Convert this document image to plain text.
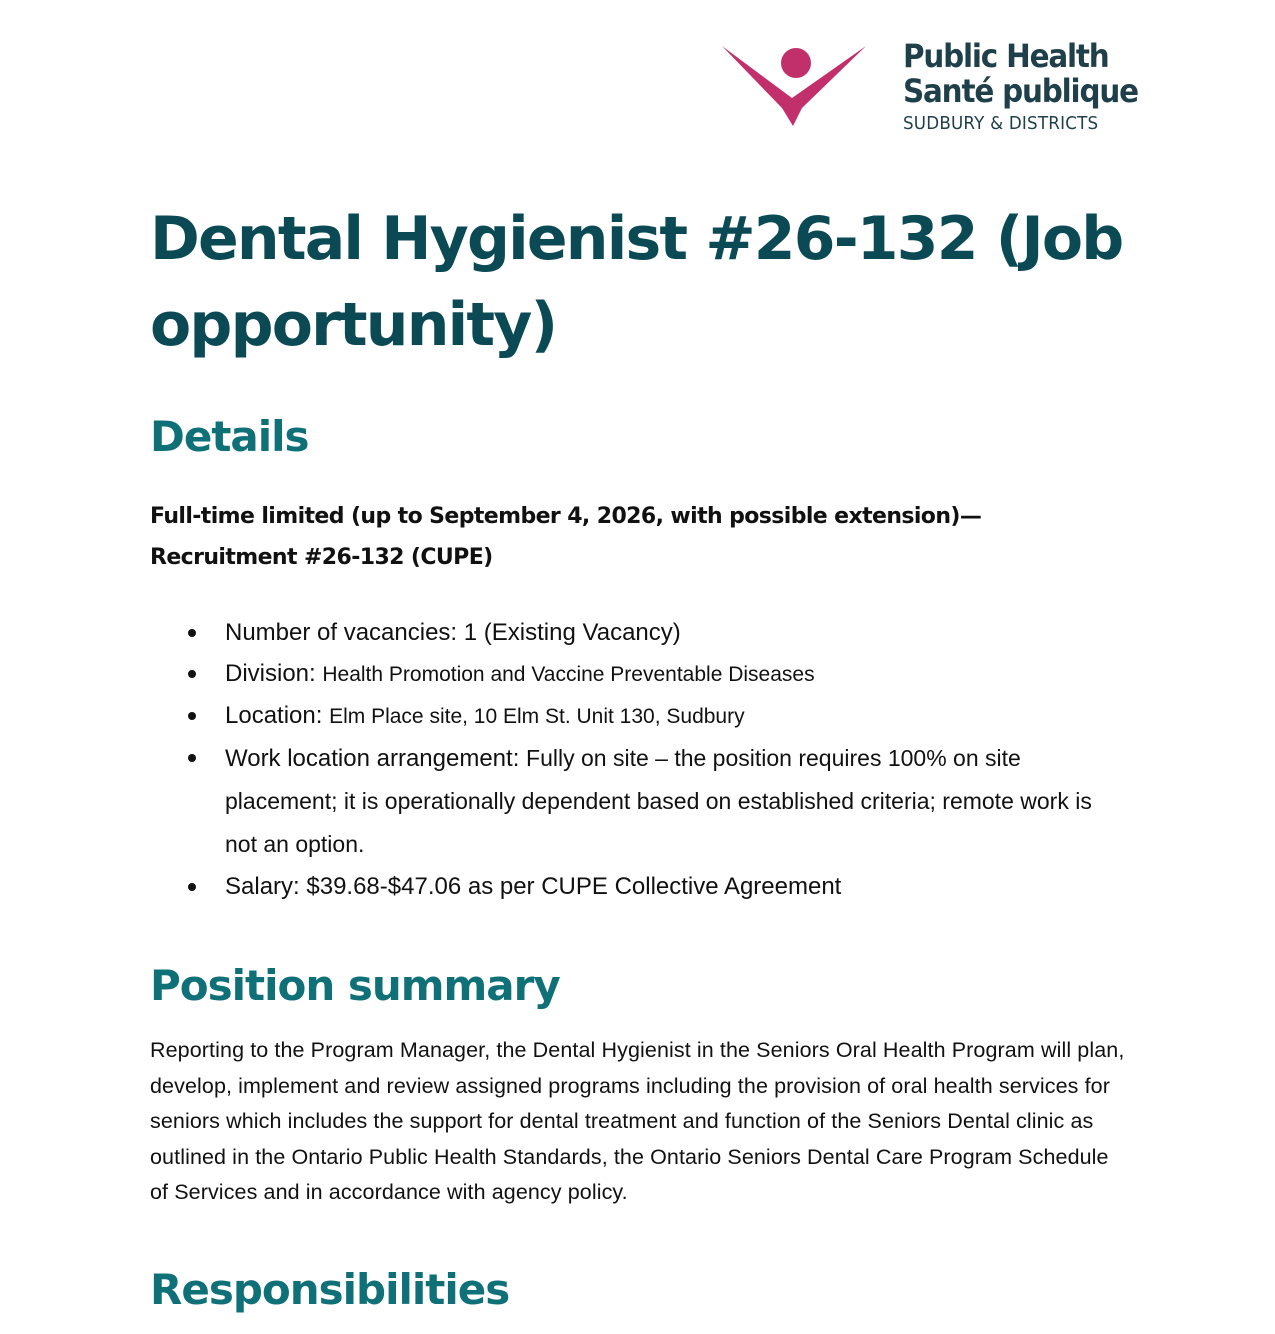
Public Health
Santé publique
SUDBURY & DISTRICTS
Dental Hygienist #26-132 (Job opportunity)
Details
Full-time limited (up to September 4, 2026, with possible extension)— Recruitment #26-132 (CUPE)
Number of vacancies: 1 (Existing Vacancy)
Division: Health Promotion and Vaccine Preventable Diseases
Location: Elm Place site, 10 Elm St. Unit 130, Sudbury
Work location arrangement: Fully on site – the position requires 100% on site placement; it is operationally dependent based on established criteria; remote work is not an option.
Salary: $39.68-$47.06 as per CUPE Collective Agreement
Position summary

Reporting to the Program Manager, the Dental Hygienist in the Seniors Oral Health Program will plan, develop, implement and review assigned programs including the provision of oral health services for seniors which includes the support for dental treatment and function of the Seniors Dental clinic as outlined in the Ontario Public Health Standards, the Ontario Seniors Dental Care Program Schedule of Services and in accordance with agency policy.

Responsibilities
